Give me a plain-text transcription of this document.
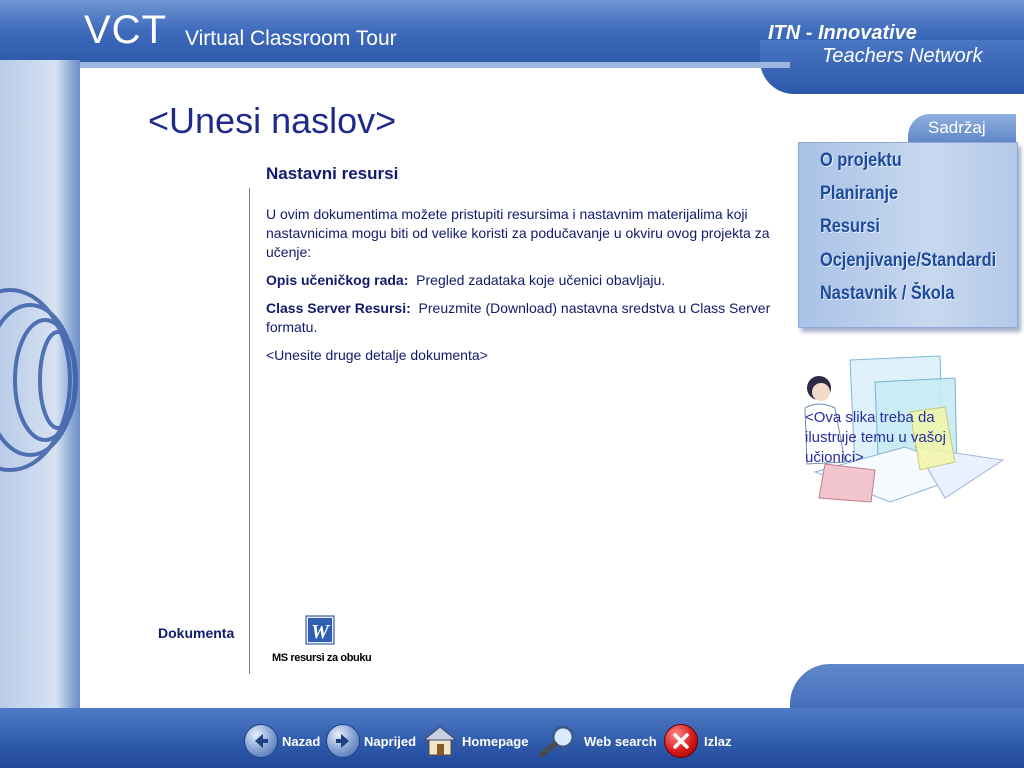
VCT Virtual Classroom Tour	ITN - Innovative
Teachers Network
<Unesi naslov>
Nastavni resursi

U ovim dokumentima možete pristupiti resursima i nastavnim materijalima koji nastavnicima mogu biti od velike koristi za podučavanje u okviru ovog projekta za učenje:

Opis učeničkog rada: Pregled zadataka koje učenici obavljaju.

Class Server Resursi: Preuzmite (Download) nastavna sredstva u Class Server formatu.

<Unesite druge detalje dokumenta>

Dokumenta	W
MS resursi za obuku
Sadržaj
O projektu
Planiranje
Resursi
Ocjenjivanje/Standardi
Nastavnik / Škola
<Ova slika treba da ilustruje temu u vašoj učionici>
Nazad	Naprijed	Homepage	Web search	Izlaz
